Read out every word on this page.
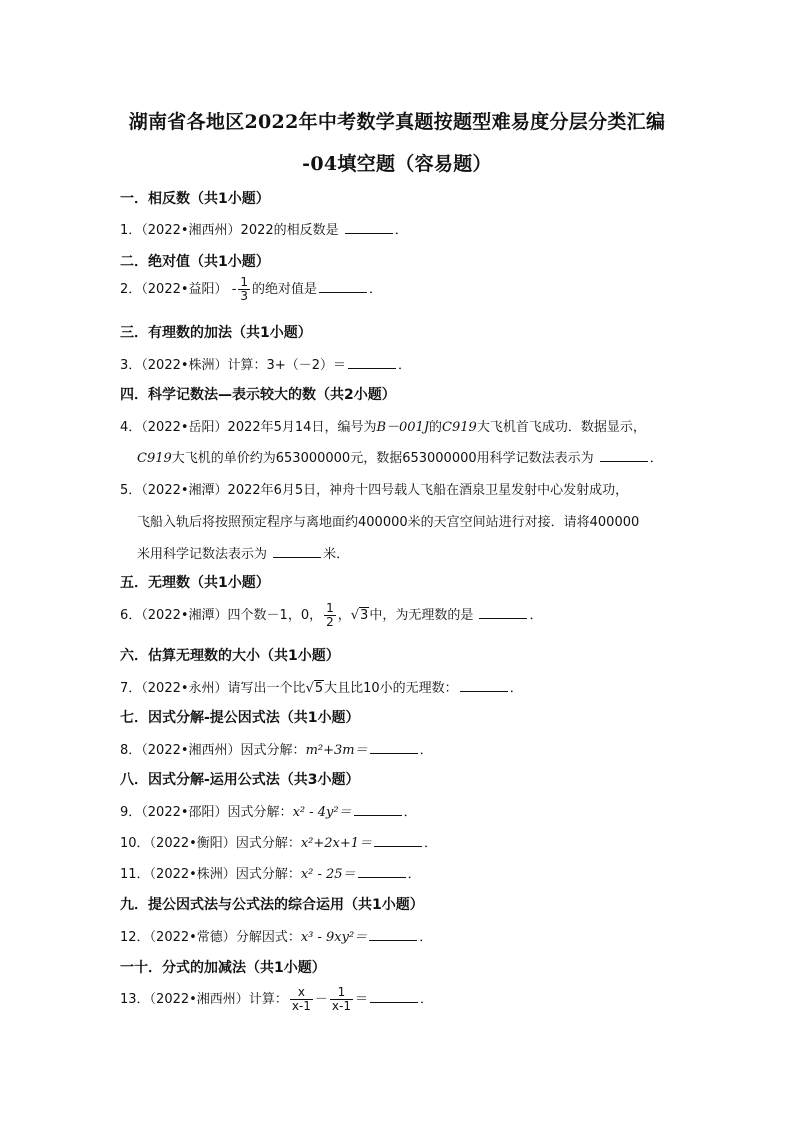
湖南省各地区2022年中考数学真题按题型难易度分层分类汇编
-04填空题（容易题）
一．相反数（共1小题）
1．（2022•湘西州）2022的相反数是	．
二．绝对值（共1小题）
2．（2022•益阳） - $\frac{1}{3}$ 的绝对值是	．
三．有理数的加法（共1小题）
3．（2022•株洲）计算：3+（－2）＝	．
四．科学记数法—表示较大的数（共2小题）
4．（2022•岳阳）2022年5月14日，编号为B－001J的C919大飞机首飞成功．数据显示，
C919大飞机的单价约为653000000元，数据653000000用科学记数法表示为	．
5．（2022•湘潭）2022年6月5日，神舟十四号载人飞船在酒泉卫星发射中心发射成功，
飞船入轨后将按照预定程序与离地面约400000米的天宫空间站进行对接．请将400000
米用科学记数法表示为	米．
五．无理数（共1小题）
6．（2022•湘潭）四个数－1，0， $\frac{1}{2}$ ，√3中，为无理数的是	．
六．估算无理数的大小（共1小题）
7．（2022•永州）请写出一个比√5大且比10小的无理数：	．
七．因式分解-提公因式法（共1小题）
8．（2022•湘西州）因式分解：m²+3m＝	．
八．因式分解-运用公式法（共3小题）
9．（2022•邵阳）因式分解：x² - 4y²＝	．
10．（2022•衡阳）因式分解：x²+2x+1＝	．
11．（2022•株洲）因式分解：x² - 25＝	．
九．提公因式法与公式法的综合运用（共1小题）
12．（2022•常德）分解因式：x³ - 9xy²＝	．
一十．分式的加减法（共1小题）
13．（2022•湘西州）计算： $\frac{x}{x-1} - \frac{1}{x-1}$ ＝	．
